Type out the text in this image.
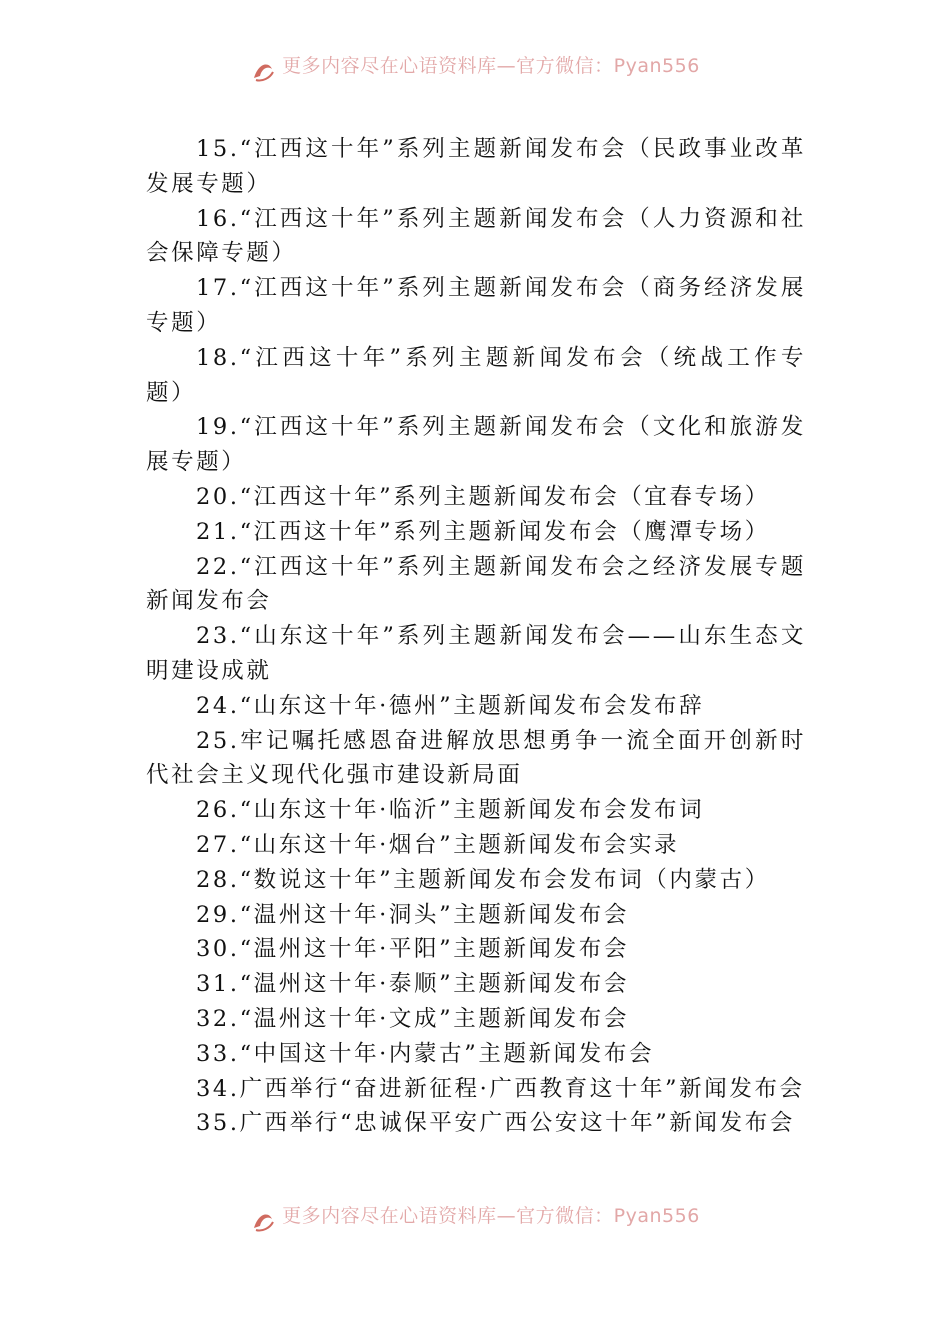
更多内容尽在心语资料库—官方微信：Pyan556
15.“江西这十年”系列主题新闻发布会（民政事业改革发展专题）
16.“江西这十年”系列主题新闻发布会（人力资源和社会保障专题）
17.“江西这十年”系列主题新闻发布会（商务经济发展专题）
18.“江西这十年”系列主题新闻发布会（统战工作专题）
19.“江西这十年”系列主题新闻发布会（文化和旅游发展专题）
20.“江西这十年”系列主题新闻发布会（宜春专场）
21.“江西这十年”系列主题新闻发布会（鹰潭专场）
22.“江西这十年”系列主题新闻发布会之经济发展专题新闻发布会
23.“山东这十年”系列主题新闻发布会——山东生态文明建设成就
24.“山东这十年·德州”主题新闻发布会发布辞
25.牢记嘱托感恩奋进解放思想勇争一流全面开创新时代社会主义现代化强市建设新局面
26.“山东这十年·临沂”主题新闻发布会发布词
27.“山东这十年·烟台”主题新闻发布会实录
28.“数说这十年”主题新闻发布会发布词（内蒙古）
29.“温州这十年·洞头”主题新闻发布会
30.“温州这十年·平阳”主题新闻发布会
31.“温州这十年·泰顺”主题新闻发布会
32.“温州这十年·文成”主题新闻发布会
33.“中国这十年·内蒙古”主题新闻发布会
34.广西举行“奋进新征程·广西教育这十年”新闻发布会
35.广西举行“忠诚保平安广西公安这十年”新闻发布会
更多内容尽在心语资料库—官方微信：Pyan556
